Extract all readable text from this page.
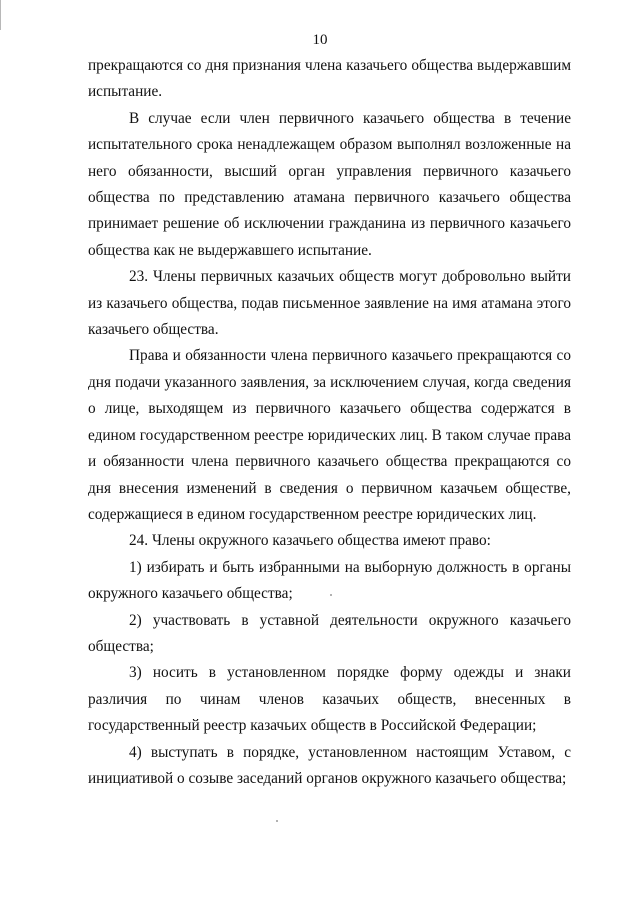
10

прекращаются со дня признания члена казачьего общества выдержавшим испытание.

В случае если член первичного казачьего общества в течение испытательного срока ненадлежащем образом выполнял возложенные на него обязанности, высший орган управления первичного казачьего общества по представлению атамана первичного казачьего общества принимает решение об исключении гражданина из первичного казачьего общества как не выдержавшего испытание.

23. Члены первичных казачьих обществ могут добровольно выйти из казачьего общества, подав письменное заявление на имя атамана этого казачьего общества.

Права и обязанности члена первичного казачьего прекращаются со дня подачи указанного заявления, за исключением случая, когда сведения о лице, выходящем из первичного казачьего общества содержатся в едином государственном реестре юридических лиц. В таком случае права и обязанности члена первичного казачьего общества прекращаются со дня внесения изменений в сведения о первичном казачьем обществе, содержащиеся в едином государственном реестре юридических лиц.

24. Члены окружного казачьего общества имеют право:

1) избирать и быть избранными на выборную должность в органы окружного казачьего общества;

2) участвовать в уставной деятельности окружного казачьего общества;

3) носить в установленном порядке форму одежды и знаки различия по чинам членов казачьих обществ, внесенных в государственный реестр казачьих обществ в Российской Федерации;

4) выступать в порядке, установленном настоящим Уставом, с инициативой о созыве заседаний органов окружного казачьего общества;
